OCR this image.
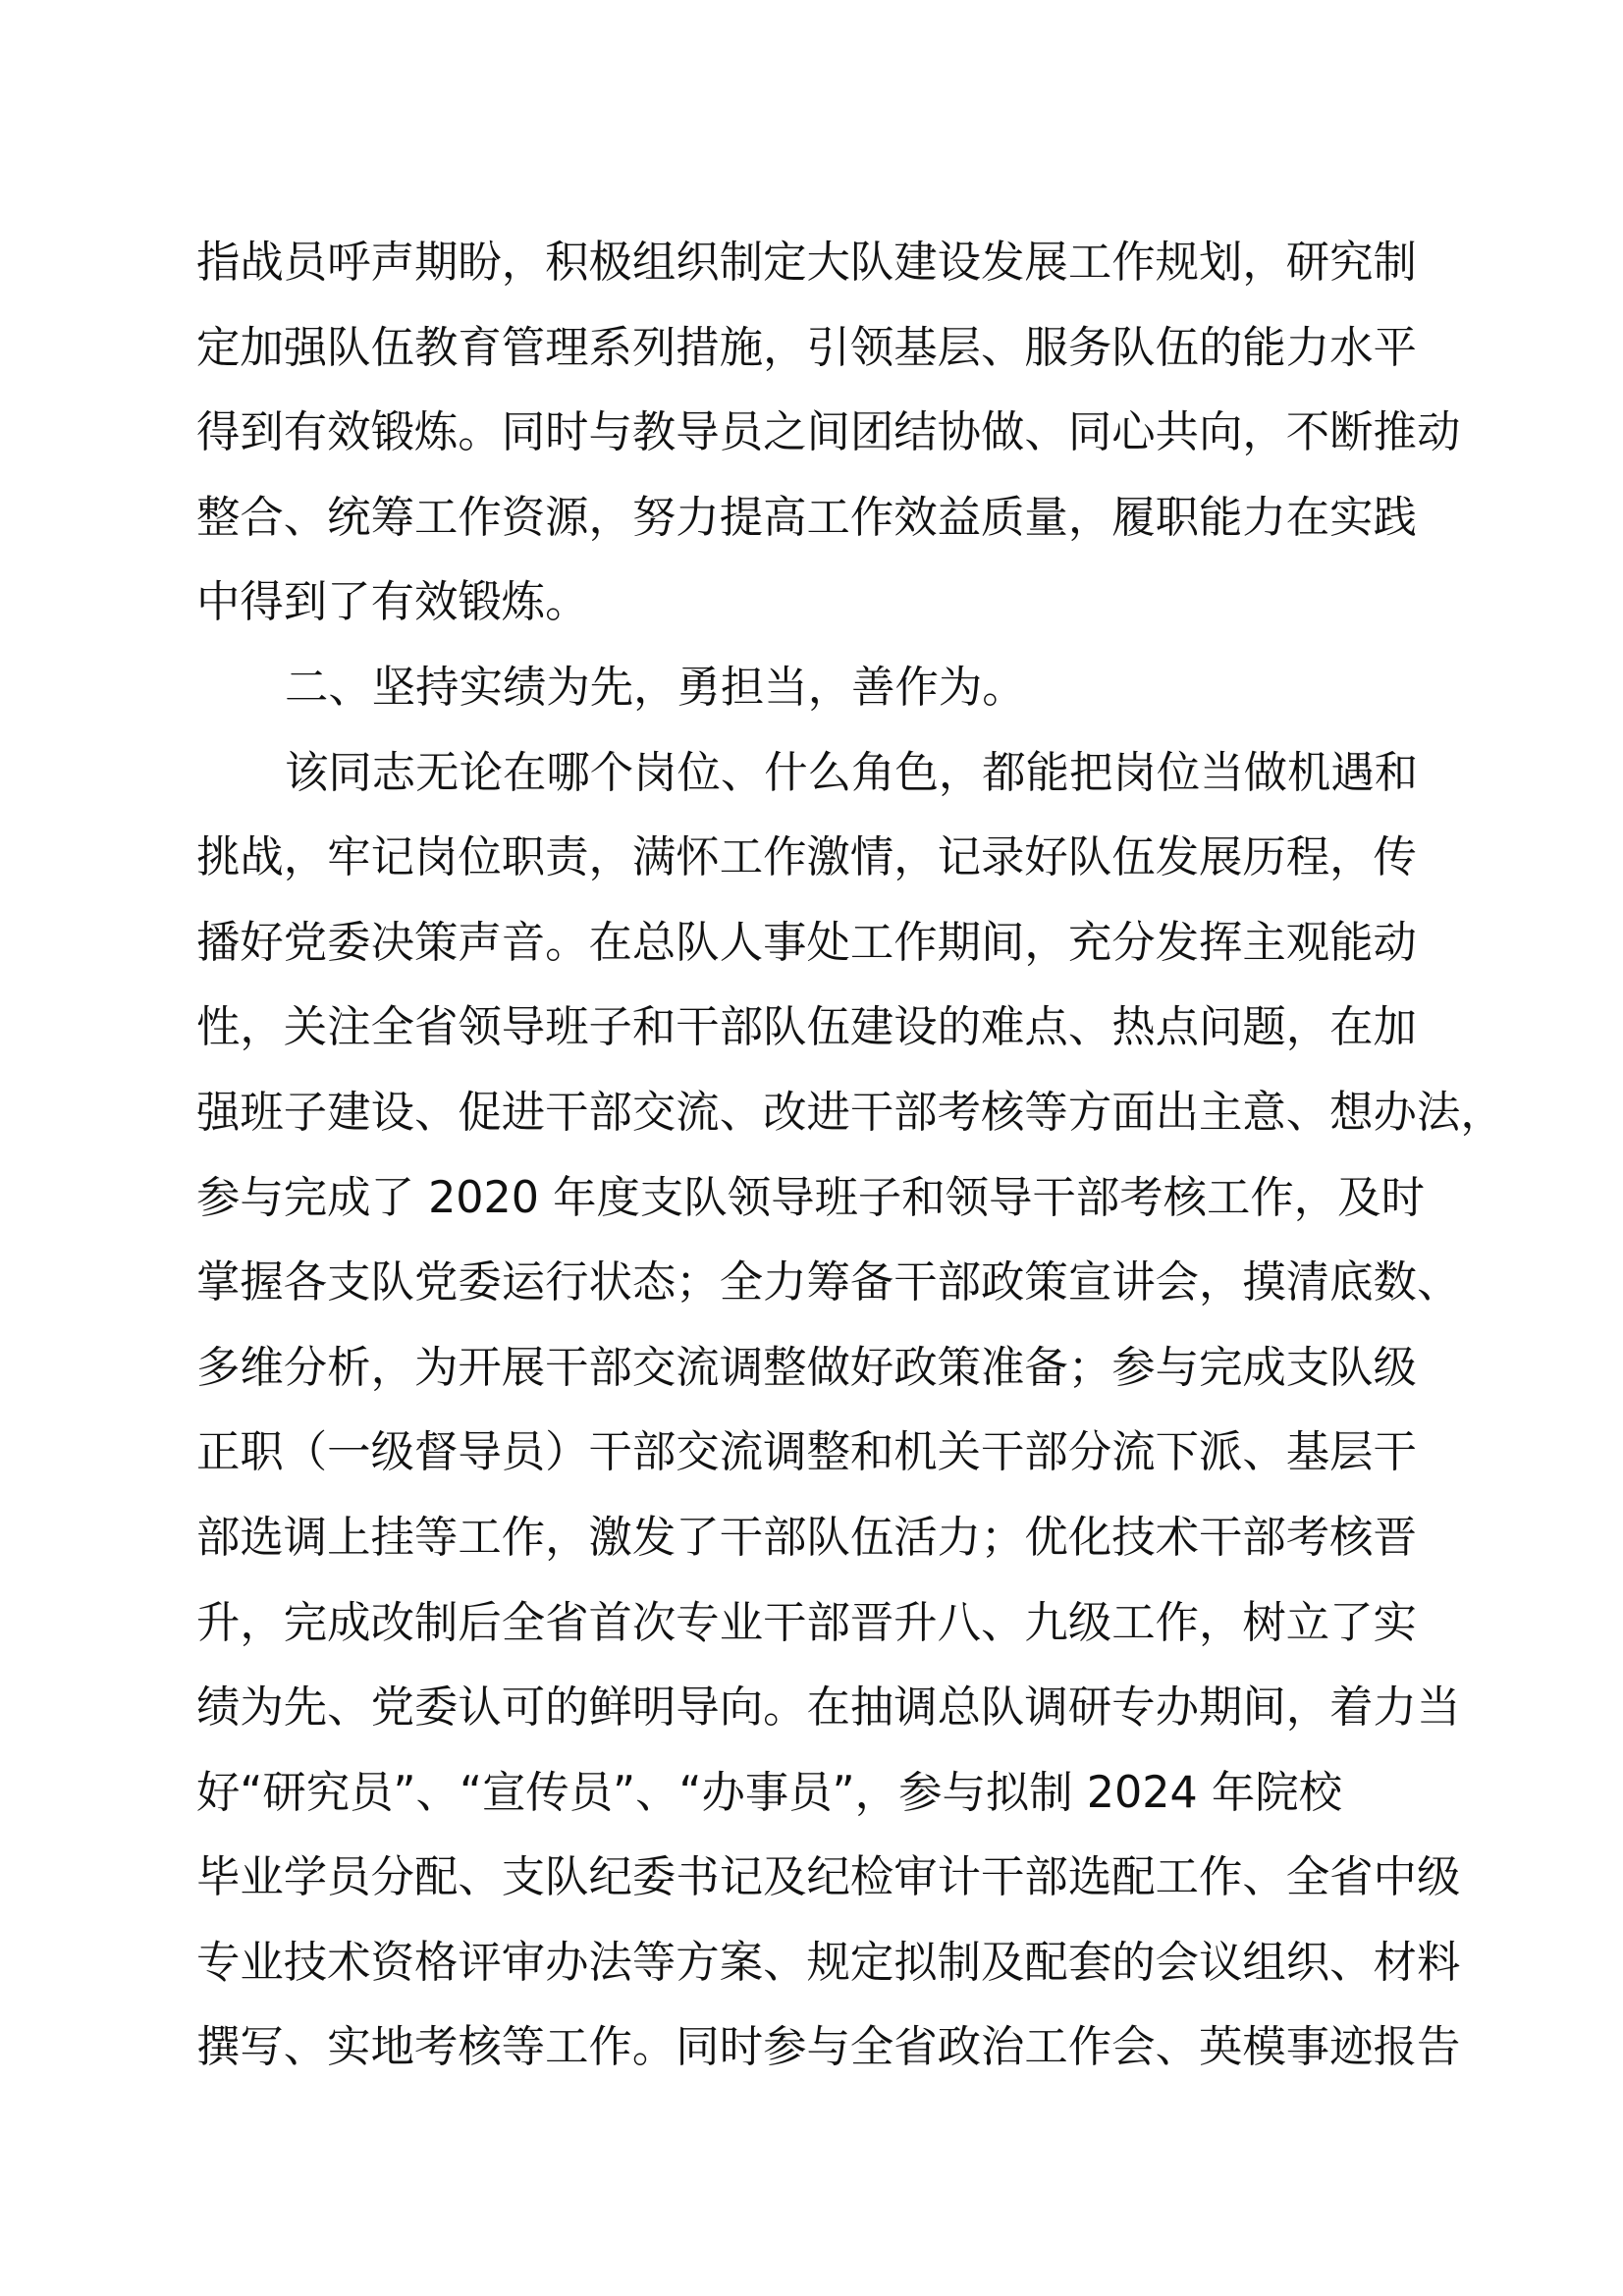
指战员呼声期盼，积极组织制定大队建设发展工作规划，研究制
定加强队伍教育管理系列措施，引领基层、服务队伍的能力水平
得到有效锻炼。同时与教导员之间团结协做、同心共向，不断推动
整合、统筹工作资源，努力提高工作效益质量，履职能力在实践
中得到了有效锻炼。
二、坚持实绩为先，勇担当，善作为。
该同志无论在哪个岗位、什么角色，都能把岗位当做机遇和
挑战，牢记岗位职责，满怀工作激情，记录好队伍发展历程，传
播好党委决策声音。在总队人事处工作期间，充分发挥主观能动
性，关注全省领导班子和干部队伍建设的难点、热点问题，在加
强班子建设、促进干部交流、改进干部考核等方面出主意、想办法，
参与完成了 2020 年度支队领导班子和领导干部考核工作，及时
掌握各支队党委运行状态；全力筹备干部政策宣讲会，摸清底数、
多维分析，为开展干部交流调整做好政策准备；参与完成支队级
正职（一级督导员）干部交流调整和机关干部分流下派、基层干
部选调上挂等工作，激发了干部队伍活力；优化技术干部考核晋
升，完成改制后全省首次专业干部晋升八、九级工作，树立了实
绩为先、党委认可的鲜明导向。在抽调总队调研专办期间，着力当
好“研究员”、“宣传员”、“办事员”，参与拟制 2024 年院校
毕业学员分配、支队纪委书记及纪检审计干部选配工作、全省中级
专业技术资格评审办法等方案、规定拟制及配套的会议组织、材料
撰写、实地考核等工作。同时参与全省政治工作会、英模事迹报告
